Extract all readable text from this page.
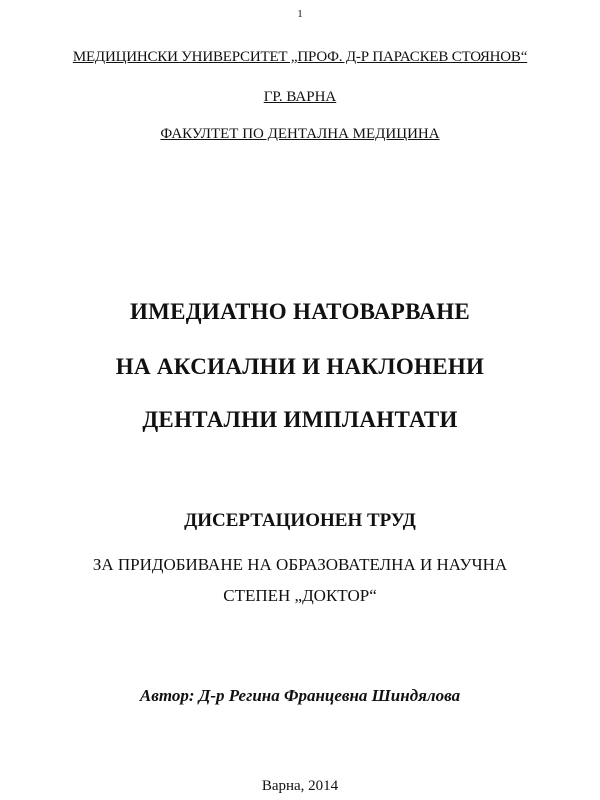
1
МЕДИЦИНСКИ УНИВЕРСИТЕТ „ПРОФ. Д-Р ПАРАСКЕВ СТОЯНОВ“
ГР. ВАРНА
ФАКУЛТЕТ ПО ДЕНТАЛНА МЕДИЦИНА
ИМЕДИАТНО НАТОВАРВАНЕ
НА АКСИАЛНИ И НАКЛОНЕНИ
ДЕНТАЛНИ ИМПЛАНТАТИ
ДИСЕРТАЦИОНЕН ТРУД
ЗА ПРИДОБИВАНЕ НА ОБРАЗОВАТЕЛНА И НАУЧНА
СТЕПЕН „ДОКТОР“
Автор: Д-р Регина Францевна Шиндялова
Варна, 2014
